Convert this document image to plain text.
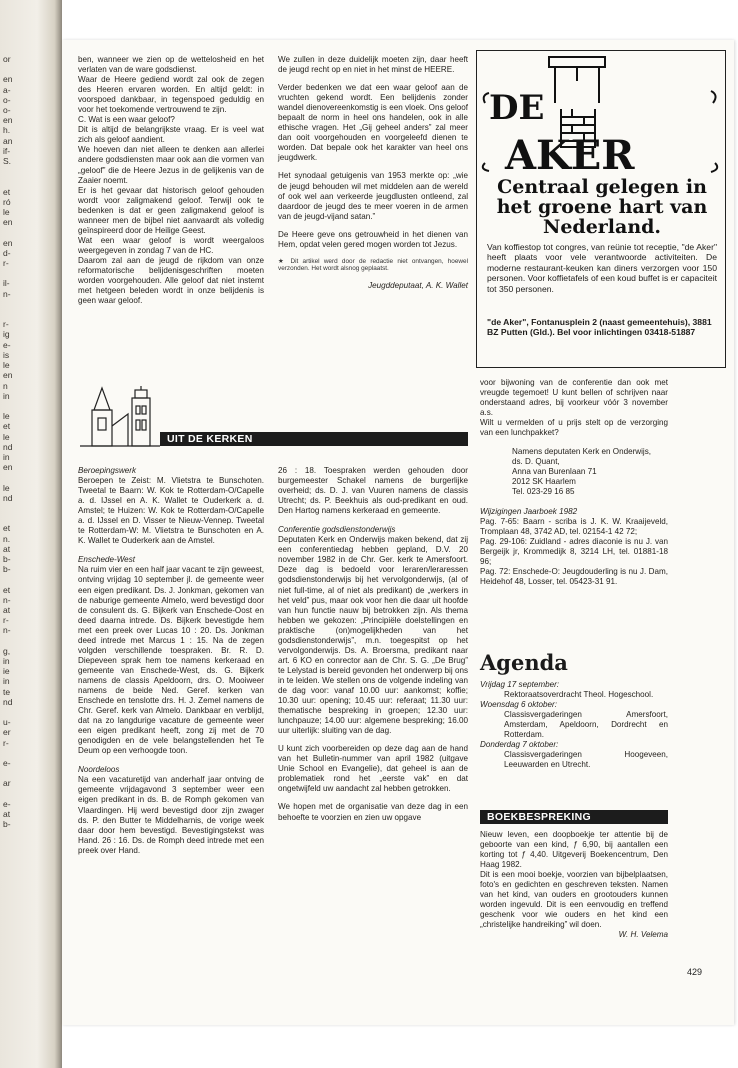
or

en
a-
o-
o-
en
h.
an
if-
S.

et
ró
le
en

en
d-
r-

il-
n-

r-
ig
e-
is
le
en
n
in

le
et
le
nd
in
en

le
nd

et
n.
at
b-
b-

et
n-
at
r-
n-

g,
in
ie
in
te
nd

u-
er
r-

e-

ar

e-
at
b-

ben, wanneer we zien op de wettelosheid en het verlaten van de ware godsdienst.

Waar de Heere gediend wordt zal ook de zegen des Heeren ervaren worden. En altijd geldt: in voorspoed dankbaar, in tegenspoed geduldig en voor het toekomende vertrouwend te zijn.

C. Wat is een waar geloof?

Dit is altijd de belangrijkste vraag. Er is veel wat zich als geloof aandient.

We hoeven dan niet alleen te denken aan allerlei andere godsdiensten maar ook aan die vormen van „geloof” die de Heere Jezus in de gelijkenis van de Zaaier noemt.

Er is het gevaar dat historisch geloof gehouden wordt voor zaligmakend geloof. Terwijl ook te bedenken is dat er geen zaligmakend geloof is wanneer men de bijbel niet aanvaardt als volledig geïnspireerd door de Heilige Geest.

Wat een waar geloof is wordt weergaloos weergegeven in zondag 7 van de HC.

Daarom zal aan de jeugd de rijkdom van onze reformatorische belijdenisgeschriften moeten worden voorgehouden. Alle geloof dat niet instemt met hetgeen beleden wordt in onze belijdenis is geen waar geloof.

We zullen in deze duidelijk moeten zijn, daar heeft de jeugd recht op en niet in het minst de HEERE.

Verder bedenken we dat een waar geloof aan de vruchten gekend wordt. Een belijdenis zonder wandel dienovereenkomstig is een vloek. Ons geloof bepaalt de norm in heel ons handelen, ook in alle ethische vragen. Het „Gij geheel anders” zal meer dan ooit voorgehouden en voorgeleefd dienen te worden. Dat bepale ook het karakter van heel ons jeugdwerk.

Het synodaal getuigenis van 1953 merkte op: „wie de jeugd behouden wil met middelen aan de wereld of ook wel aan verkeerde jeugdlusten ontleend, zal daardoor de jeugd des te meer voeren in de armen van de jeugd-vijand satan.”

De Heere geve ons getrouwheid in het dienen van Hem, opdat velen gered mogen worden tot Jezus.

★ Dit artikel werd door de redactie niet ontvangen, hoewel verzonden. Het wordt alsnog geplaatst.

Jeugddeputaat, A. K. Wallet

DE
AKER
Centraal gelegen in het groene hart van Nederland.
Van koffiestop tot congres, van reünie tot receptie, "de Aker" heeft plaats voor vele verantwoorde activiteiten. De moderne restaurant-keuken kan diners verzorgen voor 150 personen. Voor koffietafels of een koud buffet is er capaciteit tot 350 personen.
"de Aker", Fontanusplein 2 (naast gemeentehuis), 3881 BZ Putten (Gld.). Bel voor inlichtingen 03418-51887
UIT DE KERKEN

Beroepingswerk

Beroepen te Zeist: M. Vlietstra te Bunschoten. Tweetal te Baarn: W. Kok te Rotterdam-O/Capelle a. d. IJssel en A. K. Wallet te Ouderkerk a. d. Amstel; te Huizen: W. Kok te Rotterdam-O/Capelle a. d. IJssel en D. Visser te Nieuw-Vennep. Tweetal te Rotterdam-W: M. Vlietstra te Bunschoten en A. K. Wallet te Ouderkerk aan de Amstel.

Enschede-West

Na ruim vier en een half jaar vacant te zijn geweest, ontving vrijdag 10 september jl. de gemeente weer een eigen predikant. Ds. J. Jonkman, gekomen van de naburige gemeente Almelo, werd bevestigd door de consulent ds. G. Bijkerk van Enschede-Oost en deed daarna intrede. Ds. Bijkerk bevestigde hem met een preek over Lucas 10 : 20. Ds. Jonkman deed intrede met Marcus 1 : 15. Na de zegen volgden verschillende toespraken. Br. R. D. Diepeveen sprak hem toe namens kerkeraad en gemeente van Enschede-West, ds. G. Bijkerk namens de classis Apeldoorn, drs. O. Mooiweer namens de beide Ned. Geref. kerken van Enschede en tenslotte drs. H. J. Zemel namens de Chr. Geref. kerk van Almelo. Dankbaar en verblijd, dat na zo langdurige vacature de gemeente weer een eigen predikant heeft, zong zij met de 70 genodigden en de vele belangstellenden het Te Deum op een verhoogde toon.

Noordeloos

Na een vacaturetijd van anderhalf jaar ontving de gemeente vrijdagavond 3 september weer een eigen predikant in ds. B. de Romph gekomen van Vlaardingen. Hij werd bevestigd door zijn zwager ds. P. den Butter te Middelharnis, de vorige week daar door hem bevestigd. Bevestigingstekst was Hand. 26 : 16. Ds. de Romph deed intrede met een preek over Hand.

26 : 18. Toespraken werden gehouden door burgemeester Schakel namens de burgerlijke overheid; ds. D. J. van Vuuren namens de classis Utrecht; ds. P. Beekhuis als oud-predikant en oud. Den Hartog namens kerkeraad en gemeente.

Conferentie godsdienstonderwijs

Deputaten Kerk en Onderwijs maken bekend, dat zij een conferentiedag hebben gepland, D.V. 20 november 1982 in de Chr. Ger. kerk te Amersfoort. Deze dag is bedoeld voor leraren/leraressen godsdienstonderwijs bij het vervolgonderwijs, (al of niet full-time, al of niet als predikant) de „werkers in het veld” pus, maar ook voor hen die daar uit hoofde van hun functie nauw bij betrokken zijn. Als thema hebben we gekozen: „Principiële doelstellingen en praktische (on)mogelijkheden van het godsdienstonderwijs”, m.n. toegespitst op het vervolgonderwijs. Ds. A. Broersma, predikant naar art. 6 KO en conrector aan de Chr. S. G. „De Brug” te Lelystad is bereid gevonden het onderwerp bij ons in te leiden. We stellen ons de volgende indeling van de dag voor: vanaf 10.00 uur: aankomst; koffie; 10.30 uur: opening; 10.45 uur: referaat; 11.30 uur: thematische bespreking in groepen; 12.30 uur: lunchpauze; 14.00 uur: algemene bespreking; 16.00 uur uiterlijk: sluiting van de dag.

U kunt zich voorbereiden op deze dag aan de hand van het Bulletin-nummer van april 1982 (uitgave Unie School en Evangelie), dat geheel is aan de problematiek rond het „eerste vak” en dat ongetwijfeld uw aandacht zal hebben getrokken.

We hopen met de organisatie van deze dag in een behoefte te voorzien en zien uw opgave

voor bijwoning van de conferentie dan ook met vreugde tegemoet! U kunt bellen of schrijven naar onderstaand adres, bij voorkeur vóór 3 november a.s.

Wilt u vermelden of u prijs stelt op de verzorging van een lunchpakket?

Namens deputaten Kerk en Onderwijs,

ds. D. Quant,

Anna van Burenlaan 71

2012 SK Haarlem

Tel. 023-29 16 85

Wijzigingen Jaarboek 1982

Pag. 7-65: Baarn - scriba is J. K. W. Kraaijeveld, Tromplaan 48, 3742 AD, tel. 02154-1 42 72;

Pag. 29-106: Zuidland - adres diaconie is nu J. van Bergeijk jr, Krommedijk 8, 3214 LH, tel. 01881-18 96;

Pag. 72: Enschede-O: Jeugdouderling is nu J. Dam, Heidehof 48, Losser, tel. 05423-31 91.

Agenda

Vrijdag 17 september:

Rektoraatsoverdracht Theol. Hogeschool.

Woensdag 6 oktober:

Classisvergaderingen Amersfoort, Amsterdam, Apeldoorn, Dordrecht en Rotterdam.

Donderdag 7 oktober:

Classisvergaderingen Hoogeveen, Leeuwarden en Utrecht.

BOEKBESPREKING

Nieuw leven, een doopboekje ter attentie bij de geboorte van een kind, ƒ 6,90, bij aantallen een korting tot ƒ 4,40. Uitgeverij Boekencentrum, Den Haag 1982.

Dit is een mooi boekje, voorzien van bijbelplaatsen, foto's en gedichten en geschreven teksten. Namen van het kind, van ouders en grootouders kunnen worden ingevuld. Dit is een eenvoudig en treffend geschenk voor wie ouders en het kind een „christelijke handreiking” wil doen.

W. H. Velema

429
